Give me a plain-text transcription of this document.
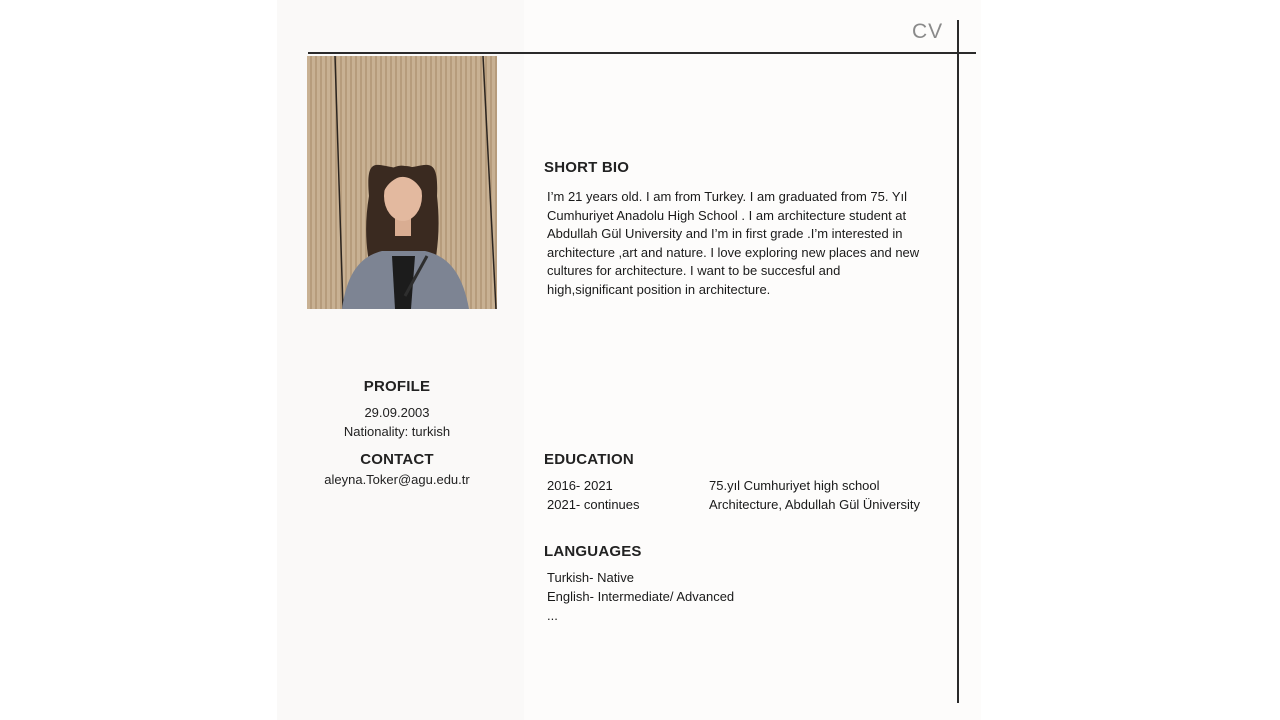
CV
PROFILE
29.09.2003
Nationality: turkish
CONTACT
aleyna.Toker@agu.edu.tr
SHORT BIO
I’m 21 years old. I am from Turkey. I am graduated from 75. Yıl
Cumhuriyet Anadolu High School . I am architecture student at
Abdullah Gül University and I’m in first grade .I’m interested in
architecture ,art and nature. I love exploring new places and new
cultures for architecture. I want to be succesful and
high,significant position in architecture.
EDUCATION
2016- 2021	75.yıl Cumhuriyet high school
2021- continues	Architecture, Abdullah Gül Üniversity
LANGUAGES
Turkish- Native
English- Intermediate/ Advanced
...
